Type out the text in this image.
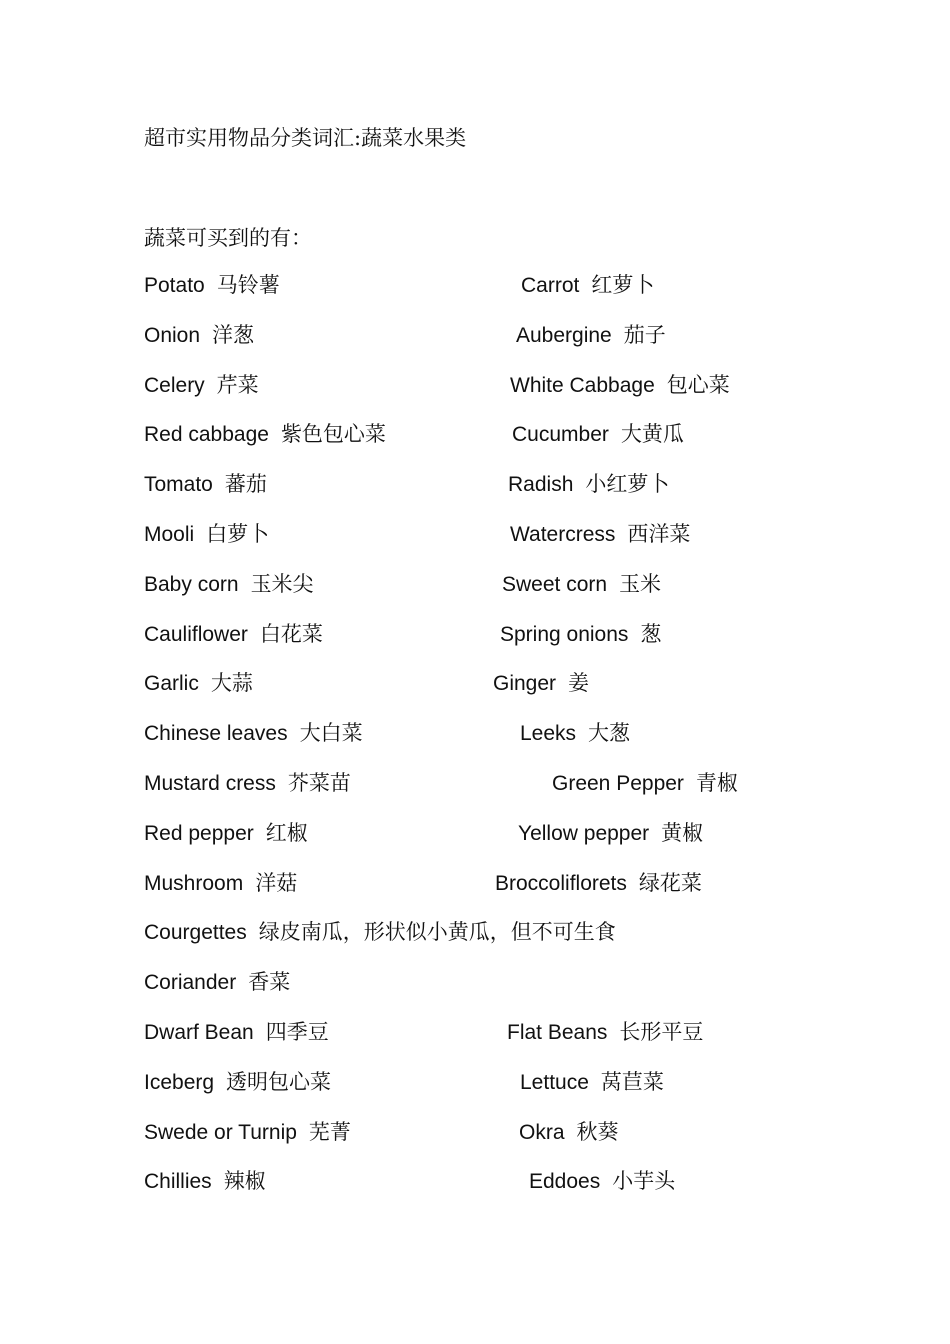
超市实用物品分类词汇:蔬菜水果类
蔬菜可买到的有：
Potato 马铃薯	Carrot 红萝卜
Onion 洋葱	Aubergine 茄子
Celery 芹菜	White Cabbage 包心菜
Red cabbage 紫色包心菜	Cucumber 大黄瓜
Tomato 蕃茄	Radish 小红萝卜
Mooli 白萝卜	Watercress 西洋菜
Baby corn 玉米尖	Sweet corn 玉米
Cauliflower 白花菜	Spring onions 葱
Garlic 大蒜	Ginger 姜
Chinese leaves 大白菜	Leeks 大葱
Mustard cress 芥菜苗	Green Pepper 青椒
Red pepper 红椒	Yellow pepper 黄椒
Mushroom 洋菇	Broccoliflorets 绿花菜
Courgettes 绿皮南瓜，形状似小黄瓜，但不可生食
Coriander 香菜
Dwarf Bean 四季豆	Flat Beans 长形平豆
Iceberg 透明包心菜	Lettuce 莴苣菜
Swede or Turnip 芜菁	Okra 秋葵
Chillies 辣椒	Eddoes 小芋头
